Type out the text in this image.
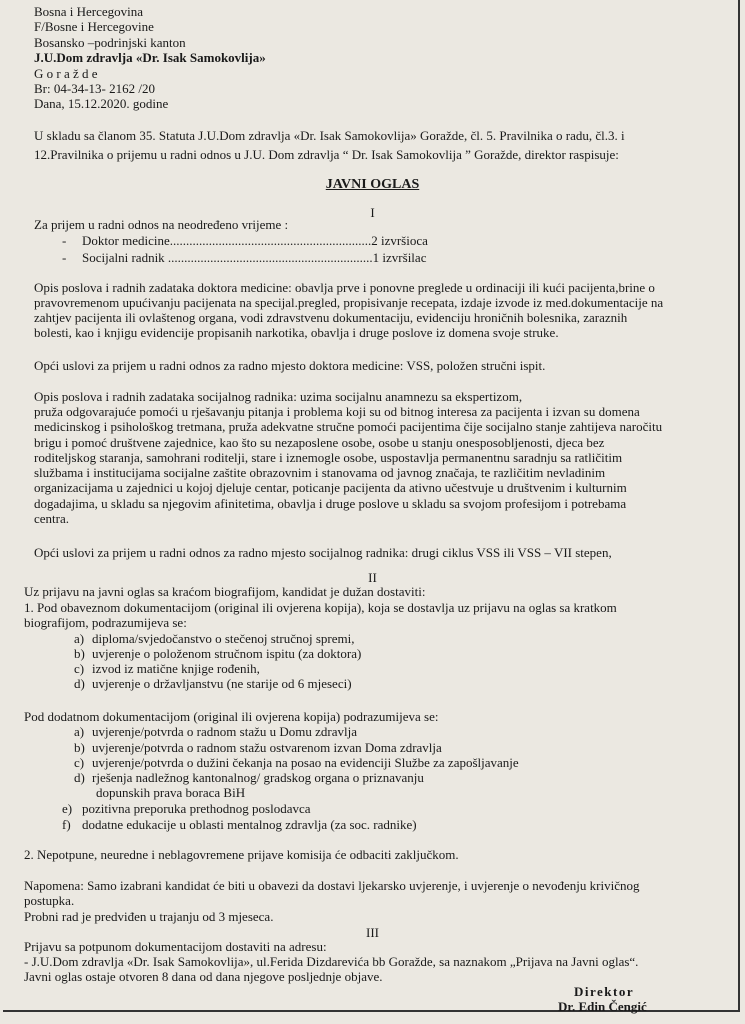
Bosna i Hercegovina
F/Bosne i Hercegovine
Bosansko –podrinjski kanton
J.U.Dom zdravlja «Dr. Isak Samokovlija»
G o r a ž d e
Br: 04-34-13- 2162 /20
Dana, 15.12.2020. godine
U skladu sa članom 35. Statuta J.U.Dom zdravlja «Dr. Isak Samokovlija» Goražde, čl. 5. Pravilnika o radu, čl.3. i
12.Pravilnika o prijemu u radni odnos u J.U. Dom zdravlja “ Dr. Isak Samokovlija ” Goražde, direktor raspisuje:
JAVNI OGLAS
I
Za prijem u radni odnos na neodređeno vrijeme :
- Doktor medicine..............................................................2 izvršioca
- Socijalni radnik ...............................................................1 izvršilac
Opis poslova i radnih zadataka doktora medicine: obavlja prve i ponovne preglede u ordinaciji ili kući pacijenta,brine o
pravovremenom upućivanju pacijenata na specijal.pregled, propisivanje recepata, izdaje izvode iz med.dokumentacije na
zahtjev pacijenta ili ovlaštenog organa, vodi zdravstvenu dokumentaciju, evidenciju hroničnih bolesnika, zaraznih
bolesti, kao i knjigu evidencije propisanih narkotika, obavlja i druge poslove iz domena svoje struke.
Opći uslovi za prijem u radni odnos za radno mjesto doktora medicine: VSS, položen stručni ispit.
Opis poslova i radnih zadataka socijalnog radnika: uzima socijalnu anamnezu sa ekspertizom,
pruža odgovarajuće pomoći u rješavanju pitanja i problema koji su od bitnog interesa za pacijenta i izvan su domena
medicinskog i psihološkog tretmana, pruža adekvatne stručne pomoći pacijentima čije socijalno stanje zahtijeva naročitu
brigu i pomoć društvene zajednice, kao što su nezaposlene osobe, osobe u stanju onesposobljenosti, djeca bez
roditeljskog staranja, samohrani roditelji, stare i iznemogle osobe, uspostavlja permanentnu saradnju sa ratličitim
službama i institucijama socijalne zaštite obrazovnim i stanovama od javnog značaja, te različitim nevladinim
organizacijama u zajednici u kojoj djeluje centar, poticanje pacijenta da ativno učestvuje u društvenim i kulturnim
dogadajima, u skladu sa njegovim afinitetima, obavlja i druge poslove u skladu sa svojom profesijom i potrebama
centra.
Opći uslovi za prijem u radni odnos za radno mjesto socijalnog radnika: drugi ciklus VSS ili VSS – VII stepen,
II
Uz prijavu na javni oglas sa kraćom biografijom, kandidat je dužan dostaviti:
1. Pod obaveznom dokumentacijom (original ili ovjerena kopija), koja se dostavlja uz prijavu na oglas sa kratkom
biografijom, podrazumijeva se:
a) diploma/svjedočanstvo o stečenoj stručnoj spremi,
b) uvjerenje o položenom stručnom ispitu (za doktora)
c) izvod iz matične knjige rođenih,
d) uvjerenje o državljanstvu (ne starije od 6 mjeseci)
Pod dodatnom dokumentacijom (original ili ovjerena kopija) podrazumijeva se:
a) uvjerenje/potvrda o radnom stažu u Domu zdravlja
b) uvjerenje/potvrda o radnom stažu ostvarenom izvan Doma zdravlja
c) uvjerenje/potvrda o dužini čekanja na posao na evidenciji Službe za zapošljavanje
d) rješenja nadležnog kantonalnog/ gradskog organa o priznavanju
dopunskih prava boraca BiH
e) pozitivna preporuka prethodnog poslodavca
f) dodatne edukacije u oblasti mentalnog zdravlja (za soc. radnike)
2. Nepotpune, neuredne i neblagovremene prijave komisija će odbaciti zaključkom.
Napomena: Samo izabrani kandidat će biti u obavezi da dostavi ljekarsko uvjerenje, i uvjerenje o nevođenju krivičnog
postupka.
Probni rad je predviđen u trajanju od 3 mjeseca.
III
Prijavu sa potpunom dokumentacijom dostaviti na adresu:
- J.U.Dom zdravlja «Dr. Isak Samokovlija», ul.Ferida Dizdarevića bb Goražde, sa naznakom „Prijava na Javni oglas“.
Javni oglas ostaje otvoren 8 dana od dana njegove posljednje objave.
Direktor
Dr. Edin Čengić
